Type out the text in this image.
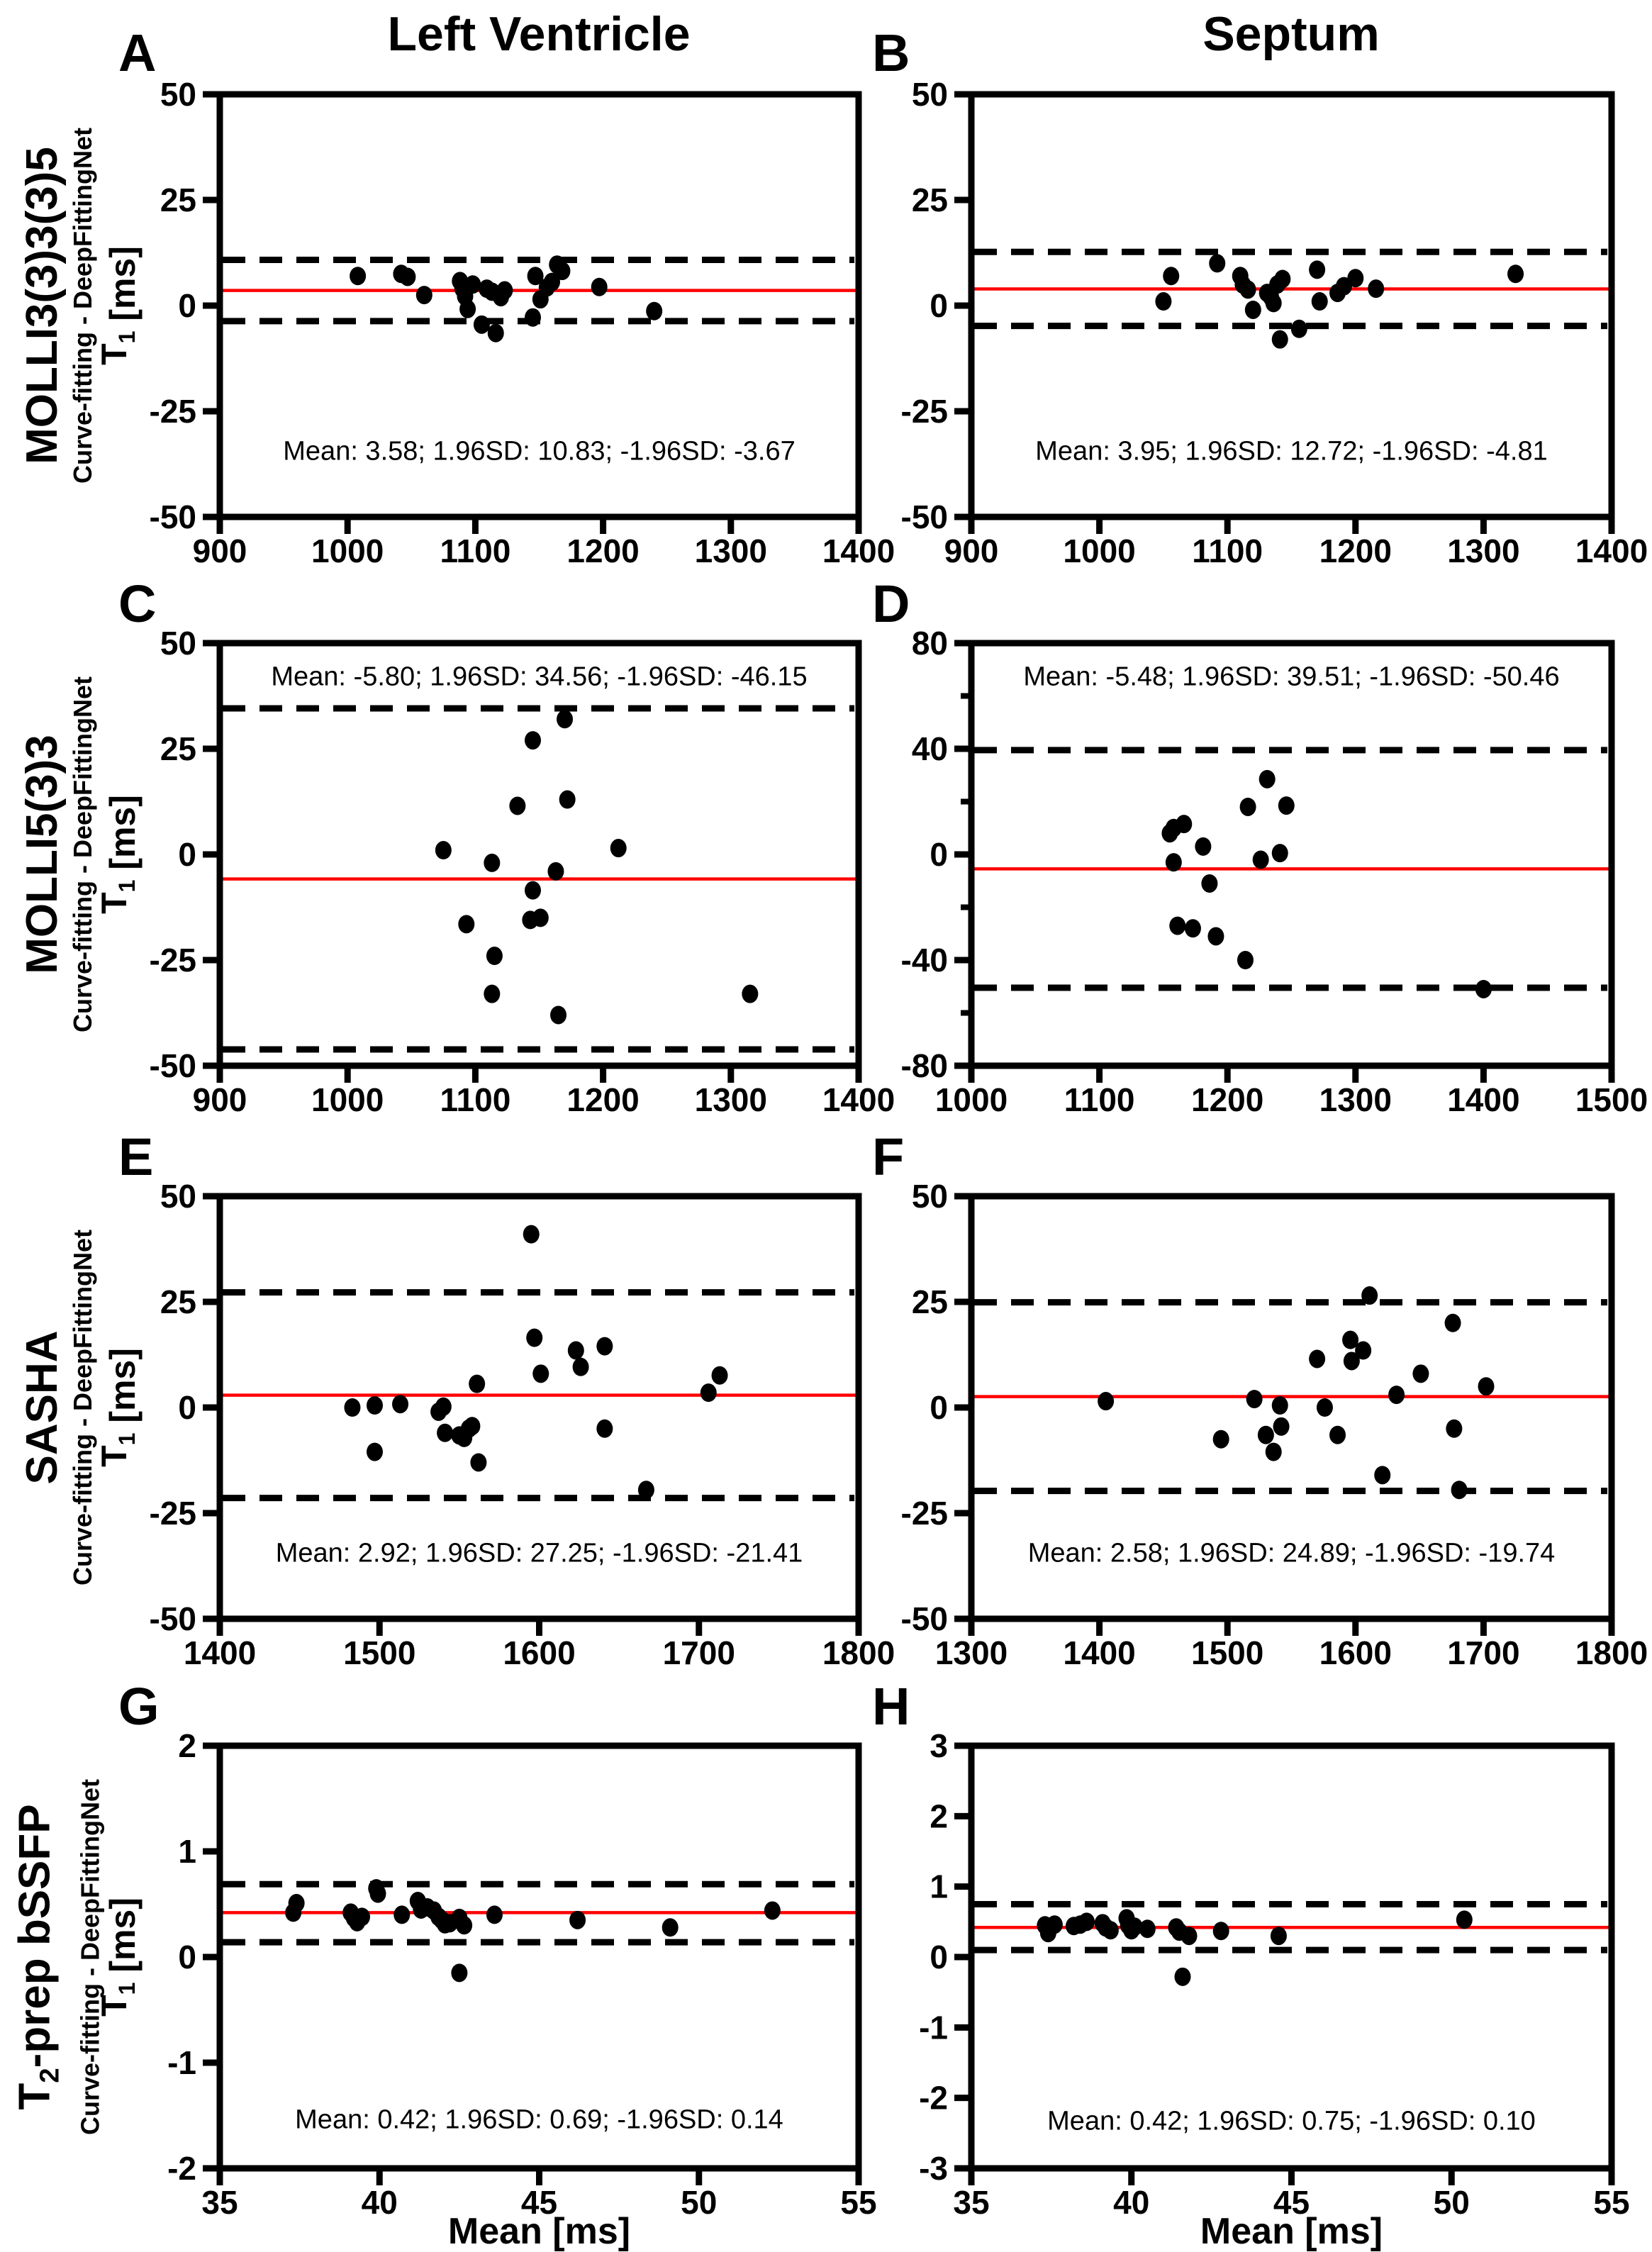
Left Ventricle	Septum
MOLLI3(3)3(3)5 Curve-fitting - DeepFittingNet
MOLLI5(3)3 Curve-fitting - DeepFittingNet
SASHA Curve-fitting - DeepFittingNet
$T_2$-prep bSSFP Curve-fitting - DeepFittingNet
50
25
0
-25
-50
900 1000 1100 1200 1300 1400
$T_1$ [ms]
A
Mean: 3.58; 1.96SD: 10.83; -1.96SD: -3.67
50
25
0
-25
-50
900 1000 1100 1200 1300 1400
B
Mean: 3.95; 1.96SD: 12.72; -1.96SD: -4.81
50
25
0
-25
-50
900 1000 1100 1200 1300 1400
$T_1$ [ms]
C
Mean: -5.80; 1.96SD: 34.56; -1.96SD: -46.15
80
40
0
-40
-80
1000 1100 1200 1300 1400 1500
D
Mean: -5.48; 1.96SD: 39.51; -1.96SD: -50.46
50
25
0
-25
-50
1400	1500	1600	1700	1800
$T_1$ [ms]
E
Mean: 2.92; 1.96SD: 27.25; -1.96SD: -21.41
50
25
0
-25
-50
1300 1400 1500 1600 1700 1800
F
Mean: 2.58; 1.96SD: 24.89; -1.96SD: -19.74
2
1
0
-1
-2
35	40	45	50	55
$T_1$ [ms]
Mean [ms]
G
Mean: 0.42; 1.96SD: 0.69; -1.96SD: 0.14
3
2
1
0
-1
-2
-3
35	40	45	50	55
Mean [ms]
H
Mean: 0.42; 1.96SD: 0.75; -1.96SD: 0.10
